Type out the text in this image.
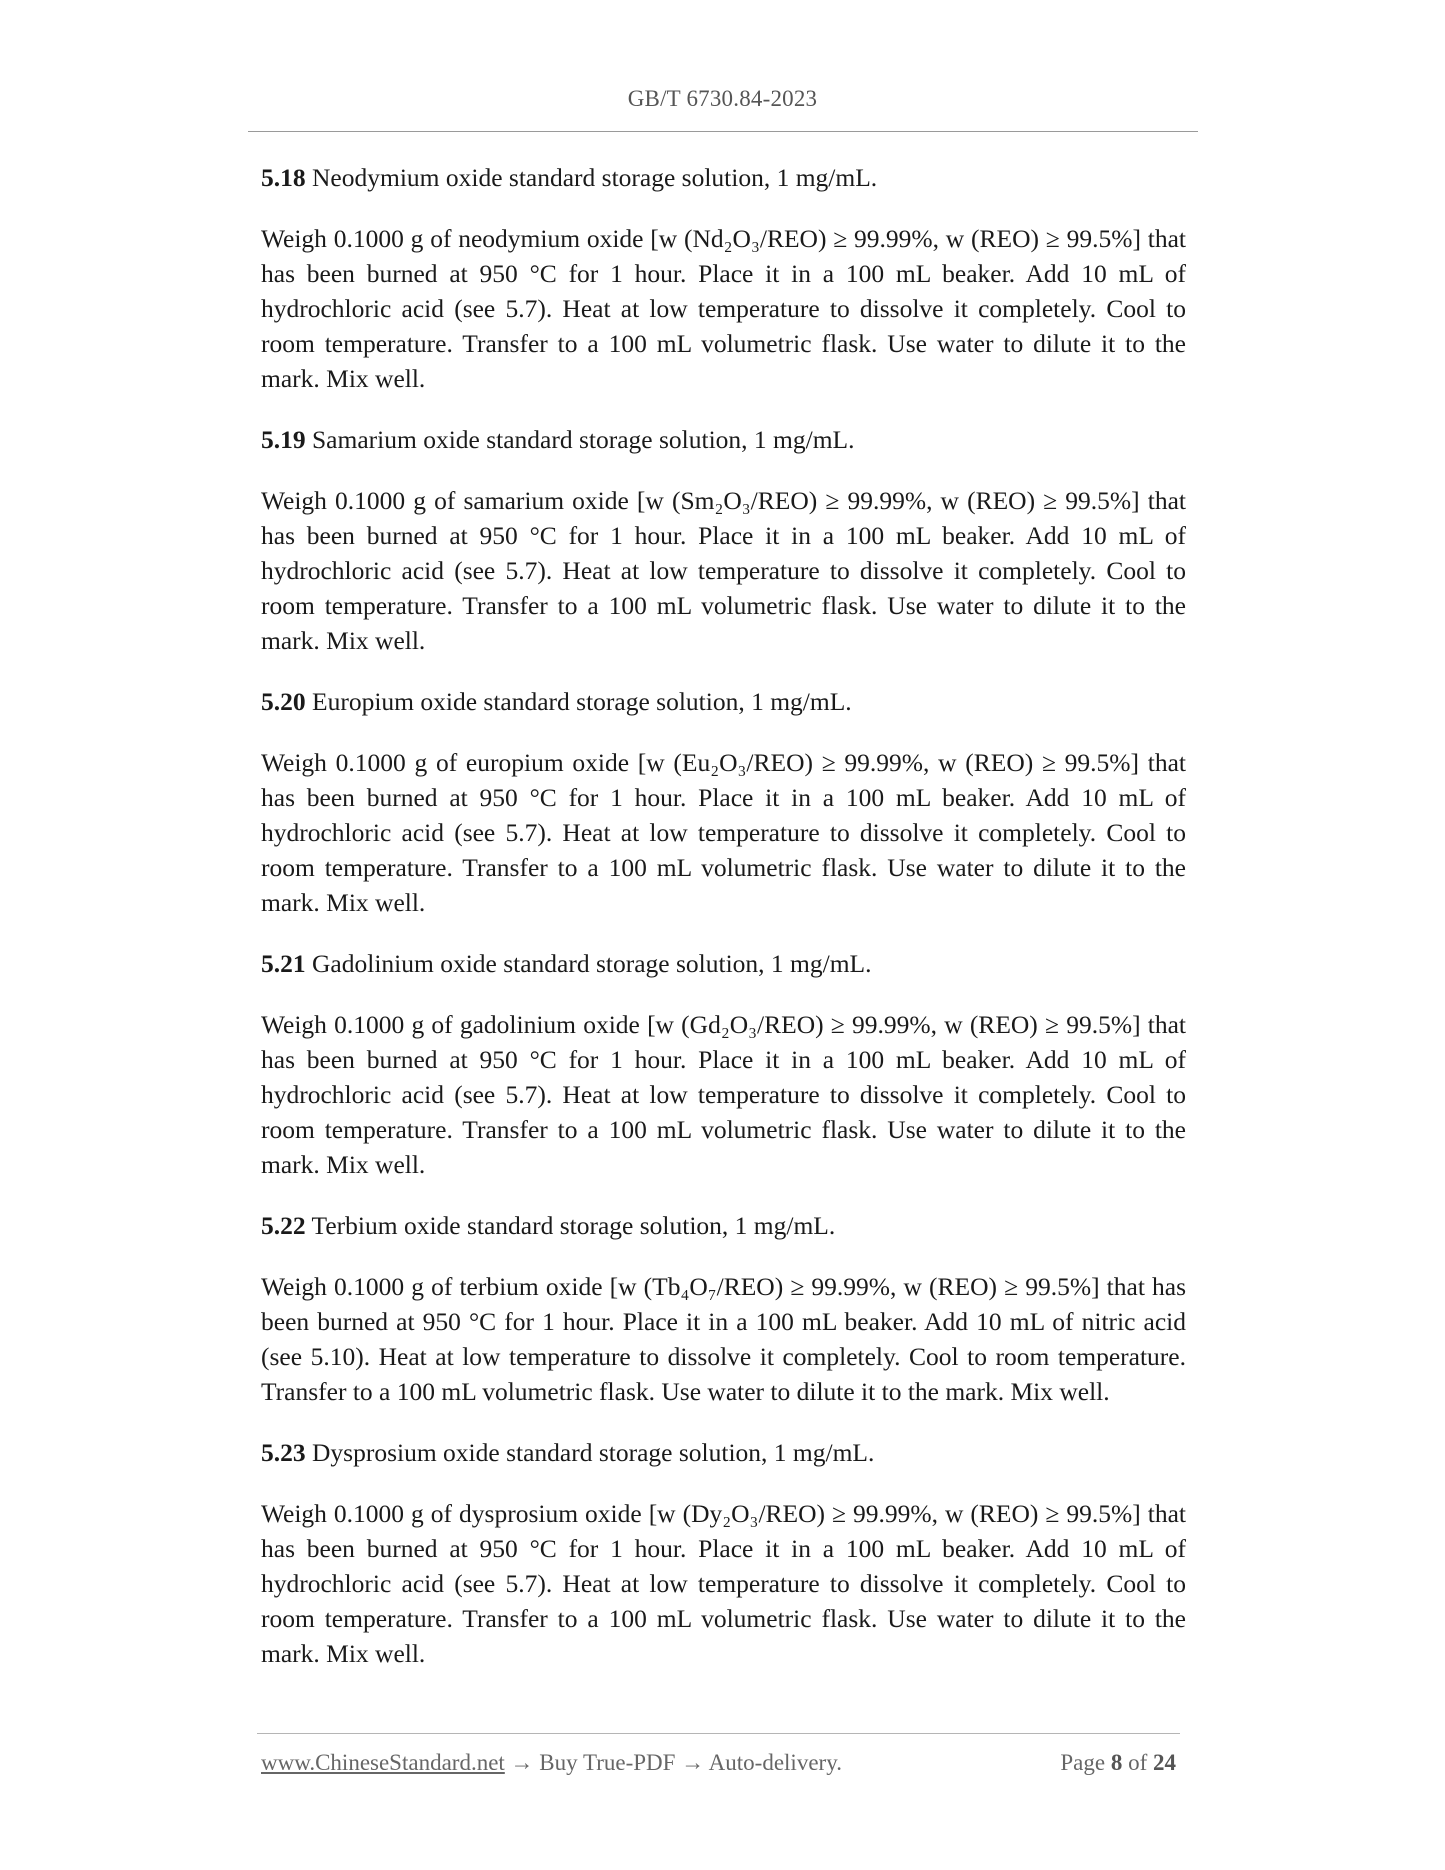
GB/T 6730.84-2023

5.18 Neodymium oxide standard storage solution, 1 mg/mL.

Weigh 0.1000 g of neodymium oxide [w (Nd₂O₃/REO) ≥ 99.99%, w (REO) ≥ 99.5%] that has been burned at 950 °C for 1 hour. Place it in a 100 mL beaker. Add 10 mL of hydrochloric acid (see 5.7). Heat at low temperature to dissolve it completely. Cool to room temperature. Transfer to a 100 mL volumetric flask. Use water to dilute it to the mark. Mix well.

5.19 Samarium oxide standard storage solution, 1 mg/mL.

Weigh 0.1000 g of samarium oxide [w (Sm₂O₃/REO) ≥ 99.99%, w (REO) ≥ 99.5%] that has been burned at 950 °C for 1 hour. Place it in a 100 mL beaker. Add 10 mL of hydrochloric acid (see 5.7). Heat at low temperature to dissolve it completely. Cool to room temperature. Transfer to a 100 mL volumetric flask. Use water to dilute it to the mark. Mix well.

5.20 Europium oxide standard storage solution, 1 mg/mL.

Weigh 0.1000 g of europium oxide [w (Eu₂O₃/REO) ≥ 99.99%, w (REO) ≥ 99.5%] that has been burned at 950 °C for 1 hour. Place it in a 100 mL beaker. Add 10 mL of hydrochloric acid (see 5.7). Heat at low temperature to dissolve it completely. Cool to room temperature. Transfer to a 100 mL volumetric flask. Use water to dilute it to the mark. Mix well.

5.21 Gadolinium oxide standard storage solution, 1 mg/mL.

Weigh 0.1000 g of gadolinium oxide [w (Gd₂O₃/REO) ≥ 99.99%, w (REO) ≥ 99.5%] that has been burned at 950 °C for 1 hour. Place it in a 100 mL beaker. Add 10 mL of hydrochloric acid (see 5.7). Heat at low temperature to dissolve it completely. Cool to room temperature. Transfer to a 100 mL volumetric flask. Use water to dilute it to the mark. Mix well.

5.22 Terbium oxide standard storage solution, 1 mg/mL.

Weigh 0.1000 g of terbium oxide [w (Tb₄O₇/REO) ≥ 99.99%, w (REO) ≥ 99.5%] that has been burned at 950 °C for 1 hour. Place it in a 100 mL beaker. Add 10 mL of nitric acid (see 5.10). Heat at low temperature to dissolve it completely. Cool to room temperature. Transfer to a 100 mL volumetric flask. Use water to dilute it to the mark. Mix well.

5.23 Dysprosium oxide standard storage solution, 1 mg/mL.

Weigh 0.1000 g of dysprosium oxide [w (Dy₂O₃/REO) ≥ 99.99%, w (REO) ≥ 99.5%] that has been burned at 950 °C for 1 hour. Place it in a 100 mL beaker. Add 10 mL of hydrochloric acid (see 5.7). Heat at low temperature to dissolve it completely. Cool to room temperature. Transfer to a 100 mL volumetric flask. Use water to dilute it to the mark. Mix well.

www.ChineseStandard.net → Buy True-PDF → Auto-delivery.	Page 8 of 24
